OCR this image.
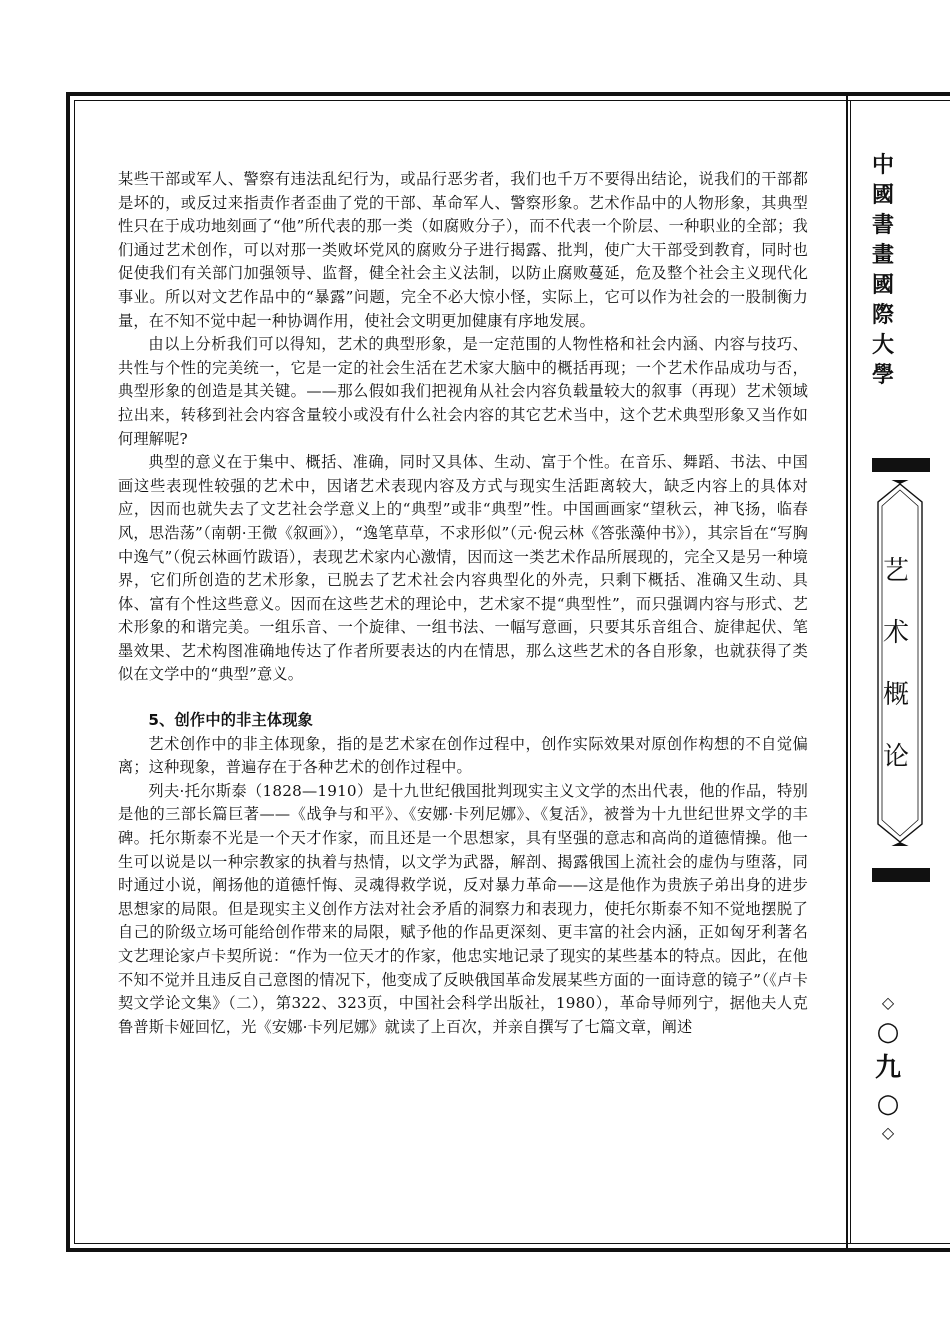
某些干部或军人、警察有违法乱纪行为，或品行恶劣者，我们也千万不要得出结论，说我们的干部都是坏的，或反过来指责作者歪曲了党的干部、革命军人、警察形象。艺术作品中的人物形象，其典型性只在于成功地刻画了“他”所代表的那一类（如腐败分子），而不代表一个阶层、一种职业的全部；我们通过艺术创作，可以对那一类败坏党风的腐败分子进行揭露、批判，使广大干部受到教育，同时也促使我们有关部门加强领导、监督，健全社会主义法制，以防止腐败蔓延，危及整个社会主义现代化事业。所以对文艺作品中的“暴露”问题，完全不必大惊小怪，实际上，它可以作为社会的一股制衡力量，在不知不觉中起一种协调作用，使社会文明更加健康有序地发展。

由以上分析我们可以得知，艺术的典型形象，是一定范围的人物性格和社会内涵、内容与技巧、共性与个性的完美统一，它是一定的社会生活在艺术家大脑中的概括再现；一个艺术作品成功与否，典型形象的创造是其关键。——那么假如我们把视角从社会内容负载量较大的叙事（再现）艺术领域拉出来，转移到社会内容含量较小或没有什么社会内容的其它艺术当中，这个艺术典型形象又当作如何理解呢?

典型的意义在于集中、概括、准确，同时又具体、生动、富于个性。在音乐、舞蹈、书法、中国画这些表现性较强的艺术中，因诸艺术表现内容及方式与现实生活距离较大，缺乏内容上的具体对应，因而也就失去了文艺社会学意义上的“典型”或非“典型”性。中国画画家“望秋云，神飞扬，临春风，思浩荡”（南朝·王微《叙画》），“逸笔草草，不求形似”（元·倪云林《答张藻仲书》），其宗旨在“写胸中逸气”（倪云林画竹跋语），表现艺术家内心激情，因而这一类艺术作品所展现的，完全又是另一种境界，它们所创造的艺术形象，已脱去了艺术社会内容典型化的外壳，只剩下概括、准确又生动、具体、富有个性这些意义。因而在这些艺术的理论中，艺术家不提“典型性”，而只强调内容与形式、艺术形象的和谐完美。一组乐音、一个旋律、一组书法、一幅写意画，只要其乐音组合、旋律起伏、笔墨效果、艺术构图准确地传达了作者所要表达的内在情思，那么这些艺术的各自形象，也就获得了类似在文学中的“典型”意义。

5、创作中的非主体现象

艺术创作中的非主体现象，指的是艺术家在创作过程中，创作实际效果对原创作构想的不自觉偏离；这种现象，普遍存在于各种艺术的创作过程中。

列夫·托尔斯泰（1828—1910）是十九世纪俄国批判现实主义文学的杰出代表，他的作品，特别是他的三部长篇巨著——《战争与和平》、《安娜·卡列尼娜》、《复活》，被誉为十九世纪世界文学的丰碑。托尔斯泰不光是一个天才作家，而且还是一个思想家，具有坚强的意志和高尚的道德情操。他一生可以说是以一种宗教家的执着与热情，以文学为武器，解剖、揭露俄国上流社会的虚伪与堕落，同时通过小说，阐扬他的道德忏悔、灵魂得救学说，反对暴力革命——这是他作为贵族子弟出身的进步思想家的局限。但是现实主义创作方法对社会矛盾的洞察力和表现力，使托尔斯泰不知不觉地摆脱了自己的阶级立场可能给创作带来的局限，赋予他的作品更深刻、更丰富的社会内涵，正如匈牙利著名文艺理论家卢卡契所说：“作为一位天才的作家，他忠实地记录了现实的某些基本的特点。因此，在他不知不觉并且违反自己意图的情况下，他变成了反映俄国革命发展某些方面的一面诗意的镜子”（《卢卡契文学论文集》（二），第322、323页，中国社会科学出版社，1980），革命导师列宁，据他夫人克鲁普斯卡娅回忆，光《安娜·卡列尼娜》就读了上百次，并亲自撰写了七篇文章，阐述

中
國
書
畫
國
際
大
學
艺
术
概
论
◇
○
九
○
◇
